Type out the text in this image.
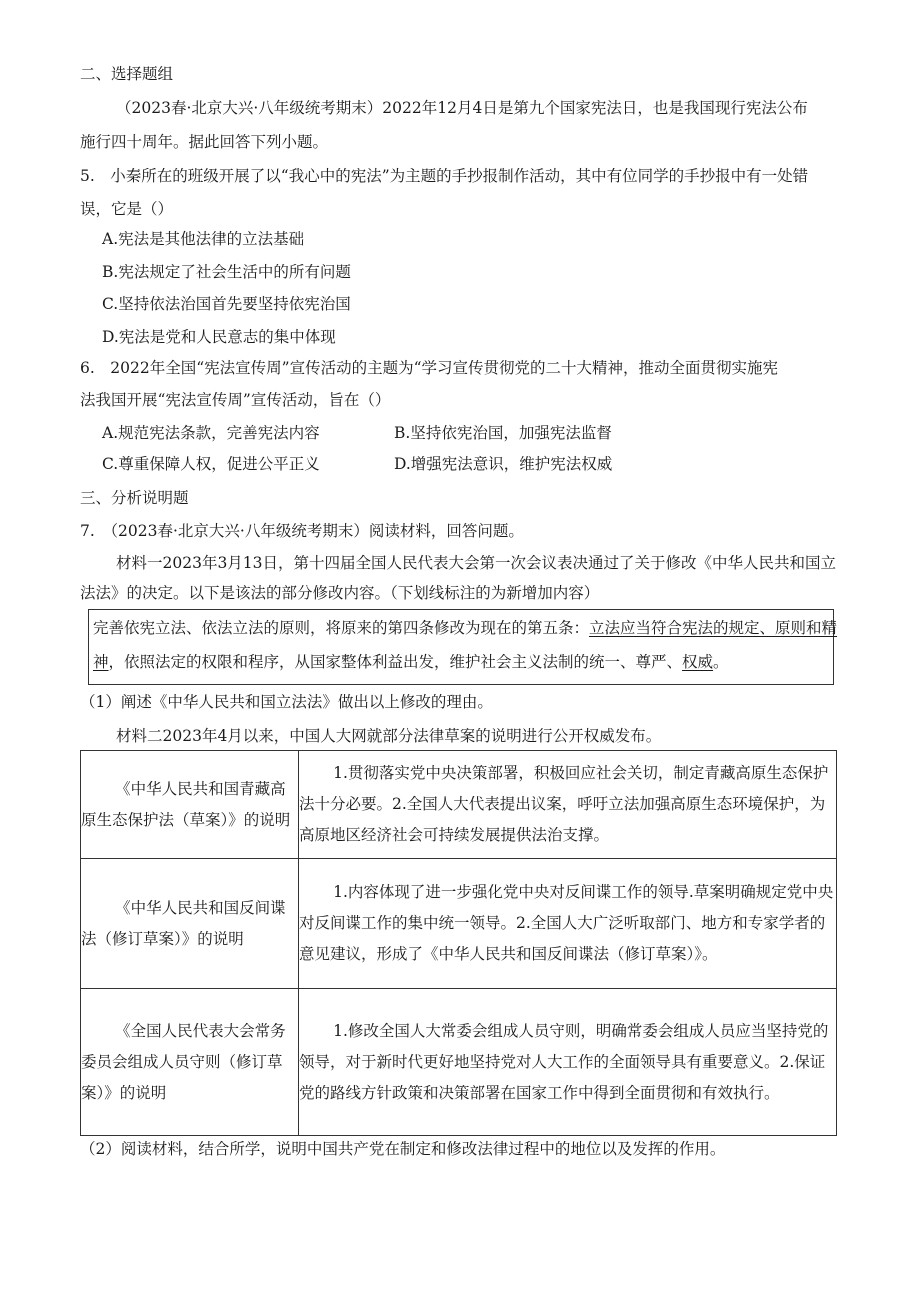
二、选择题组
（2023春·北京大兴·八年级统考期末）2022年12月4日是第九个国家宪法日，也是我国现行宪法公布
施行四十周年。据此回答下列小题。
5.　小秦所在的班级开展了以“我心中的宪法”为主题的手抄报制作活动，其中有位同学的手抄报中有一处错
误，它是（）
A.宪法是其他法律的立法基础
B.宪法规定了社会生活中的所有问题
C.坚持依法治国首先要坚持依宪治国
D.宪法是党和人民意志的集中体现
6.　2022年全国“宪法宣传周”宣传活动的主题为“学习宣传贯彻党的二十大精神，推动全面贯彻实施宪
法我国开展“宪法宣传周”宣传活动，旨在（）
A.规范宪法条款，完善宪法内容	B.坚持依宪治国，加强宪法监督
C.尊重保障人权，促进公平正义	D.增强宪法意识，维护宪法权威
三、分析说明题
7.　（2023春·北京大兴·八年级统考期末）阅读材料，回答问题。
材料一2023年3月13日，第十四届全国人民代表大会第一次会议表决通过了关于修改《中华人民共和国立
法法》的决定。以下是该法的部分修改内容。（下划线标注的为新增加内容）
完善依宪立法、依法立法的原则，将原来的第四条修改为现在的第五条：立法应当符合宪法的规定、原则和精
神，依照法定的权限和程序，从国家整体利益出发，维护社会主义法制的统一、尊严、权威。
（1）阐述《中华人民共和国立法法》做出以上修改的理由。
材料二2023年4月以来，中国人大网就部分法律草案的说明进行公开权威发布。
《中华人民共和国青藏高原生态保护法（草案）》的说明	1.贯彻落实党中央决策部署，积极回应社会关切，制定青藏高原生态保护法十分必要。2.全国人大代表提出议案，呼吁立法加强高原生态环境保护，为高原地区经济社会可持续发展提供法治支撑。
《中华人民共和国反间谍法（修订草案）》的说明	1.内容体现了进一步强化党中央对反间谍工作的领导.草案明确规定党中央对反间谍工作的集中统一领导。2.全国人大广泛听取部门、地方和专家学者的意见建议，形成了《中华人民共和国反间谍法（修订草案）》。
《全国人民代表大会常务委员会组成人员守则（修订草案）》的说明	1.修改全国人大常委会组成人员守则，明确常委会组成人员应当坚持党的领导，对于新时代更好地坚持党对人大工作的全面领导具有重要意义。2.保证党的路线方针政策和决策部署在国家工作中得到全面贯彻和有效执行。
（2）阅读材料，结合所学，说明中国共产党在制定和修改法律过程中的地位以及发挥的作用。
